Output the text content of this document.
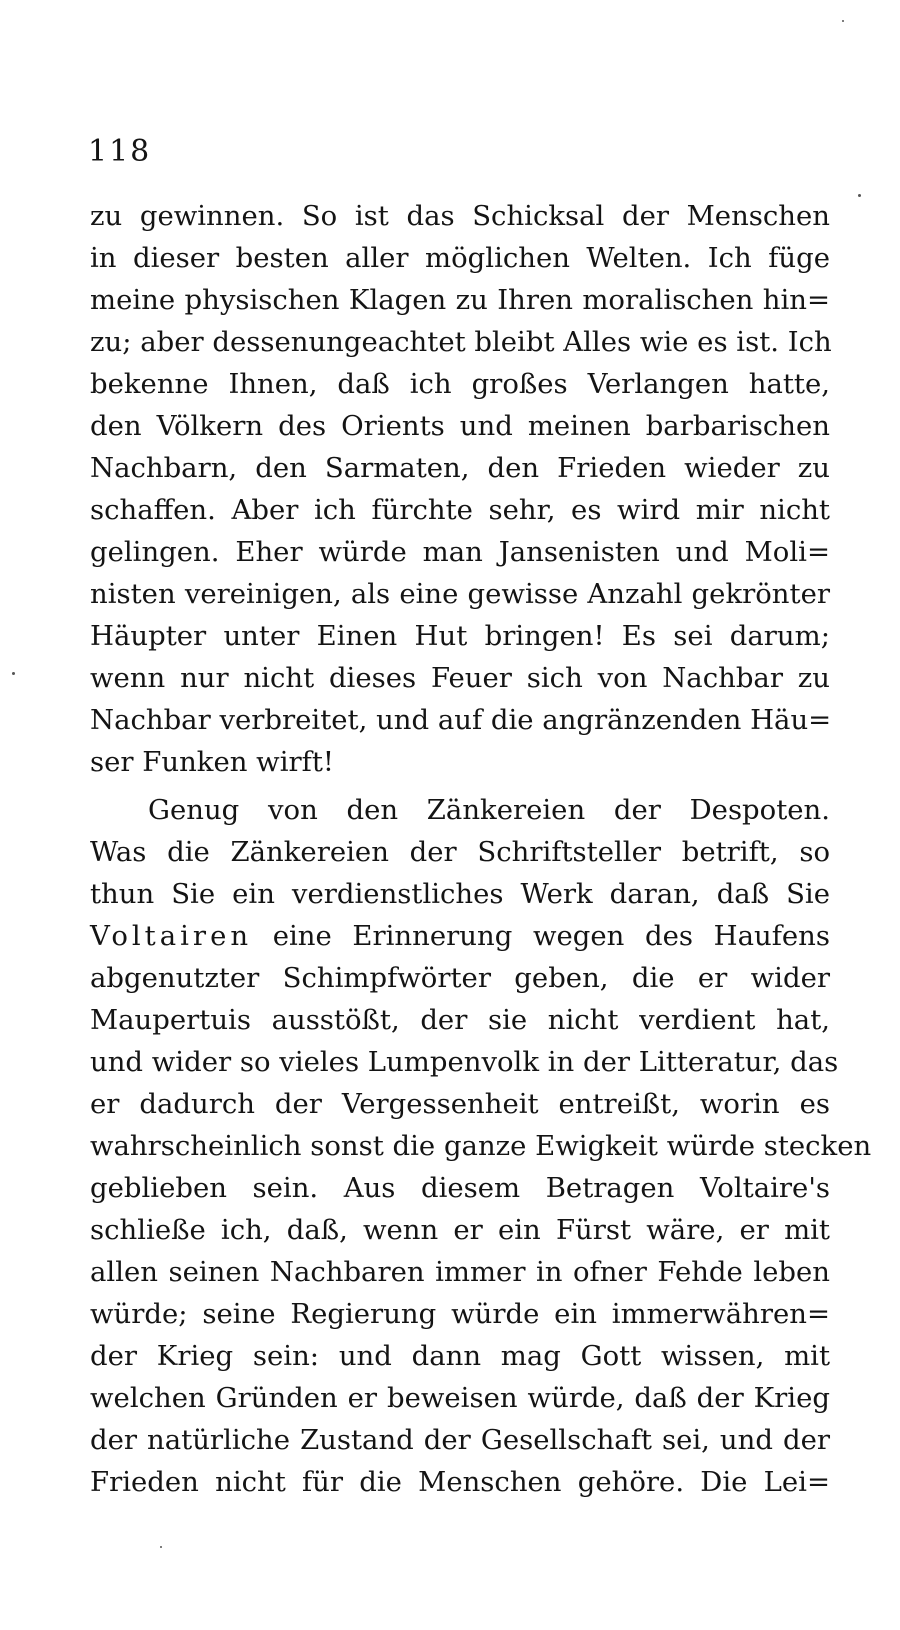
118
zu gewinnen. So ist das Schicksal der Menschen
in dieser besten aller möglichen Welten. Ich füge
meine physischen Klagen zu Ihren moralischen hin=
zu; aber dessenungeachtet bleibt Alles wie es ist. Ich
bekenne Ihnen, daß ich großes Verlangen hatte,
den Völkern des Orients und meinen barbarischen
Nachbarn, den Sarmaten, den Frieden wieder zu
schaffen. Aber ich fürchte sehr, es wird mir nicht
gelingen. Eher würde man Jansenisten und Moli=
nisten vereinigen, als eine gewisse Anzahl gekrönter
Häupter unter Einen Hut bringen! Es sei darum;
wenn nur nicht dieses Feuer sich von Nachbar zu
Nachbar verbreitet, und auf die angränzenden Häu=
ser Funken wirft!
Genug von den Zänkereien der Despoten.
Was die Zänkereien der Schriftsteller betrift, so
thun Sie ein verdienstliches Werk daran, daß Sie
Voltairen eine Erinnerung wegen des Haufens
abgenutzter Schimpfwörter geben, die er wider
Maupertuis ausstößt, der sie nicht verdient hat,
und wider so vieles Lumpenvolk in der Litteratur, das
er dadurch der Vergessenheit entreißt, worin es
wahrscheinlich sonst die ganze Ewigkeit würde stecken
geblieben sein. Aus diesem Betragen Voltaire's
schließe ich, daß, wenn er ein Fürst wäre, er mit
allen seinen Nachbaren immer in ofner Fehde leben
würde; seine Regierung würde ein immerwähren=
der Krieg sein: und dann mag Gott wissen, mit
welchen Gründen er beweisen würde, daß der Krieg
der natürliche Zustand der Gesellschaft sei, und der
Frieden nicht für die Menschen gehöre. Die Lei=
